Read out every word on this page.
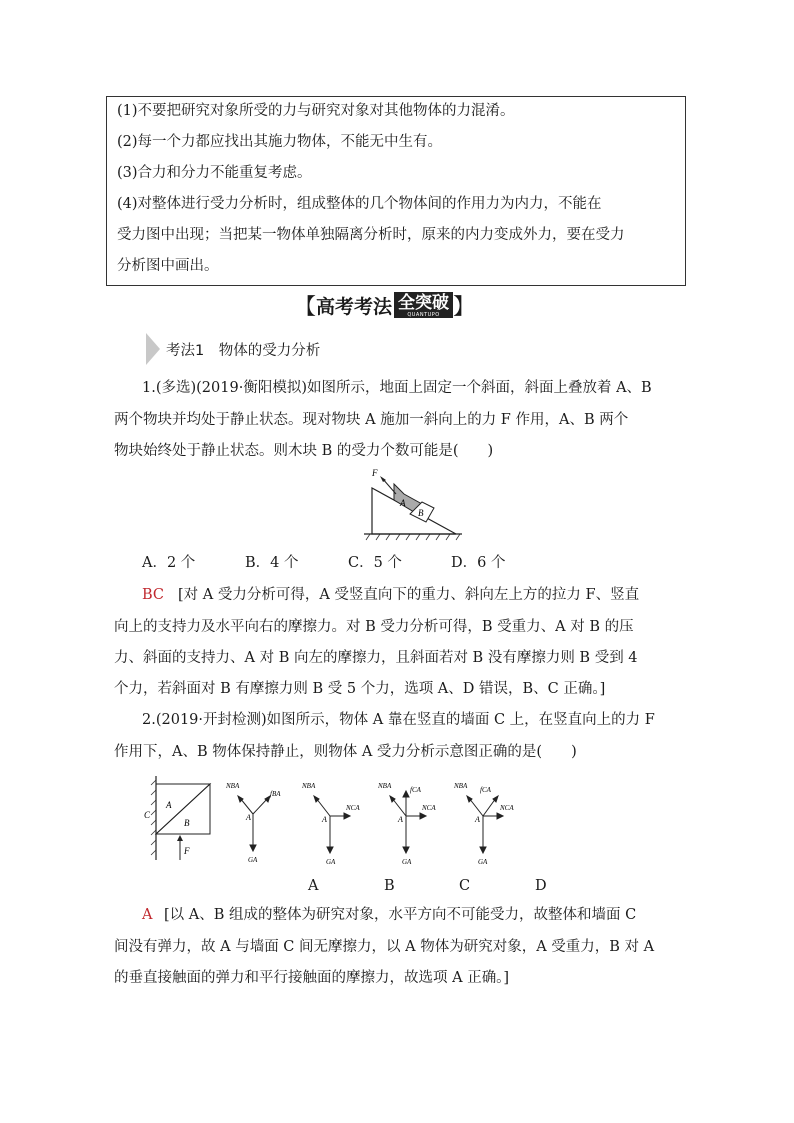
(1)不要把研究对象所受的力与研究对象对其他物体的力混淆。
(2)每一个力都应找出其施力物体，不能无中生有。
(3)合力和分力不能重复考虑。
(4)对整体进行受力分析时，组成整体的几个物体间的作用力为内力，不能在
受力图中出现；当把某一物体单独隔离分析时，原来的内力变成外力，要在受力
分析图中画出。
【 高考考法 全突破
QUANTUPO 】
考法1　物体的受力分析
1.(多选)(2019·衡阳模拟)如图所示，地面上固定一个斜面，斜面上叠放着 A、B
两个物块并均处于静止状态。现对物块 A 施加一斜向上的力 F 作用，A、B 两个
物块始终处于静止状态。则木块 B 的受力个数可能是(　　)
F
A
B
A．2 个	B．4 个	C．5 个	D．6 个
BC [对 A 受力分析可得，A 受竖直向下的重力、斜向左上方的拉力 F、竖直
向上的支持力及水平向右的摩擦力。对 B 受力分析可得，B 受重力、A 对 B 的压
力、斜面的支持力、A 对 B 向左的摩擦力，且斜面若对 B 没有摩擦力则 B 受到 4
个力，若斜面对 B 有摩擦力则 B 受 5 个力，选项 A、D 错误，B、C 正确。]
2.(2019·开封检测)如图所示，物体 A 靠在竖直的墙面 C 上，在竖直向上的力 F
作用下，A、B 物体保持静止，则物体 A 受力分析示意图正确的是(　　)
C
A
B
F
NBA
fBA
A
GA
NBA
NCA
A
GA
NBA	fCA
NCA
A
GA
NBA fCA
NCA
A
GA
A	B	C	D
A [以 A、B 组成的整体为研究对象，水平方向不可能受力，故整体和墙面 C
间没有弹力，故 A 与墙面 C 间无摩擦力，以 A 物体为研究对象，A 受重力，B 对 A
的垂直接触面的弹力和平行接触面的摩擦力，故选项 A 正确。]
